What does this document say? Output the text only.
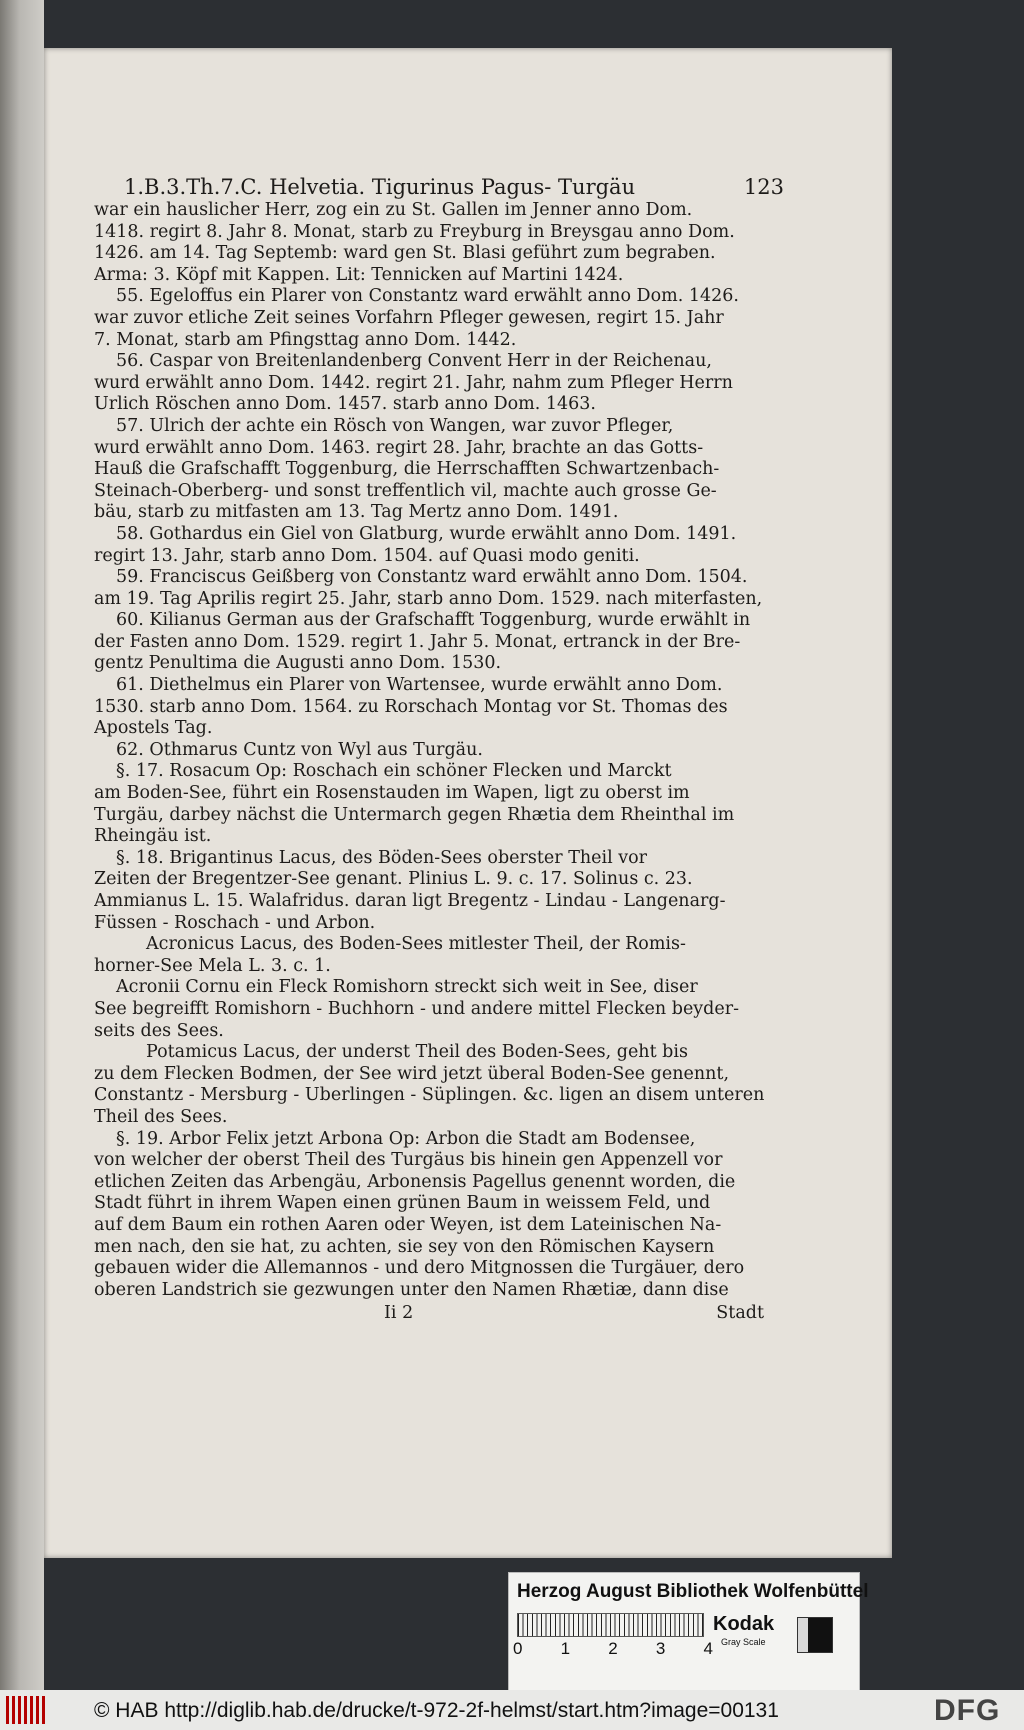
1.B.3.Th.7.C. Helvetia. Tigurinus Pagus- Turgäu	123
war ein hauslicher Herr, zog ein zu St. Gallen im Jenner anno Dom.
1418. regirt 8. Jahr 8. Monat, starb zu Freyburg in Breysgau anno Dom.
1426. am 14. Tag Septemb: ward gen St. Blasi geführt zum begraben.
Arma: 3. Köpf mit Kappen. Lit: Tennicken auf Martini 1424.
55. Egeloffus ein Plarer von Constantz ward erwählt anno Dom. 1426.
war zuvor etliche Zeit seines Vorfahrn Pfleger gewesen, regirt 15. Jahr
7. Monat, starb am Pfingsttag anno Dom. 1442.
56. Caspar von Breitenlandenberg Convent Herr in der Reichenau,
wurd erwählt anno Dom. 1442. regirt 21. Jahr, nahm zum Pfleger Herrn
Urlich Röschen anno Dom. 1457. starb anno Dom. 1463.
57. Ulrich der achte ein Rösch von Wangen, war zuvor Pfleger,
wurd erwählt anno Dom. 1463. regirt 28. Jahr, brachte an das Gotts-
Hauß die Grafschafft Toggenburg, die Herrschafften Schwartzenbach-
Steinach-Oberberg- und sonst treffentlich vil, machte auch grosse Ge-
bäu, starb zu mitfasten am 13. Tag Mertz anno Dom. 1491.
58. Gothardus ein Giel von Glatburg, wurde erwählt anno Dom. 1491.
regirt 13. Jahr, starb anno Dom. 1504. auf Quasi modo geniti.
59. Franciscus Geißberg von Constantz ward erwählt anno Dom. 1504.
am 19. Tag Aprilis regirt 25. Jahr, starb anno Dom. 1529. nach miterfasten,
60. Kilianus German aus der Grafschafft Toggenburg, wurde erwählt in
der Fasten anno Dom. 1529. regirt 1. Jahr 5. Monat, ertranck in der Bre-
gentz Penultima die Augusti anno Dom. 1530.
61. Diethelmus ein Plarer von Wartensee, wurde erwählt anno Dom.
1530. starb anno Dom. 1564. zu Rorschach Montag vor St. Thomas des
Apostels Tag.
62. Othmarus Cuntz von Wyl aus Turgäu.
§. 17. Rosacum Op: Roschach ein schöner Flecken und Marckt
am Boden-See, führt ein Rosenstauden im Wapen, ligt zu oberst im
Turgäu, darbey nächst die Untermarch gegen Rhætia dem Rheinthal im
Rheingäu ist.
§. 18. Brigantinus Lacus, des Böden-Sees oberster Theil vor
Zeiten der Bregentzer-See genant. Plinius L. 9. c. 17. Solinus c. 23.
Ammianus L. 15. Walafridus. daran ligt Bregentz - Lindau - Langenarg-
Füssen - Roschach - und Arbon.
Acronicus Lacus, des Boden-Sees mitlester Theil, der Romis-
horner-See Mela L. 3. c. 1.
Acronii Cornu ein Fleck Romishorn streckt sich weit in See, diser
See begreifft Romishorn - Buchhorn - und andere mittel Flecken beyder-
seits des Sees.
Potamicus Lacus, der underst Theil des Boden-Sees, geht bis
zu dem Flecken Bodmen, der See wird jetzt überal Boden-See genennt,
Constantz - Mersburg - Uberlingen - Süplingen. &c. ligen an disem unteren
Theil des Sees.
§. 19. Arbor Felix jetzt Arbona Op: Arbon die Stadt am Bodensee,
von welcher der oberst Theil des Turgäus bis hinein gen Appenzell vor
etlichen Zeiten das Arbengäu, Arbonensis Pagellus genennt worden, die
Stadt führt in ihrem Wapen einen grünen Baum in weissem Feld, und
auf dem Baum ein rothen Aaren oder Weyen, ist dem Lateinischen Na-
men nach, den sie hat, zu achten, sie sey von den Römischen Kaysern
gebauen wider die Allemannos - und dero Mitgnossen die Turgäuer, dero
oberen Landstrich sie gezwungen unter den Namen Rhætiæ, dann dise
Ii 2	Stadt
Herzog August Bibliothek Wolfenbüttel
0 1 2 3 4
Kodak
Gray Scale
© HAB http://diglib.hab.de/drucke/t-972-2f-helmst/start.htm?image=00131	DFG
